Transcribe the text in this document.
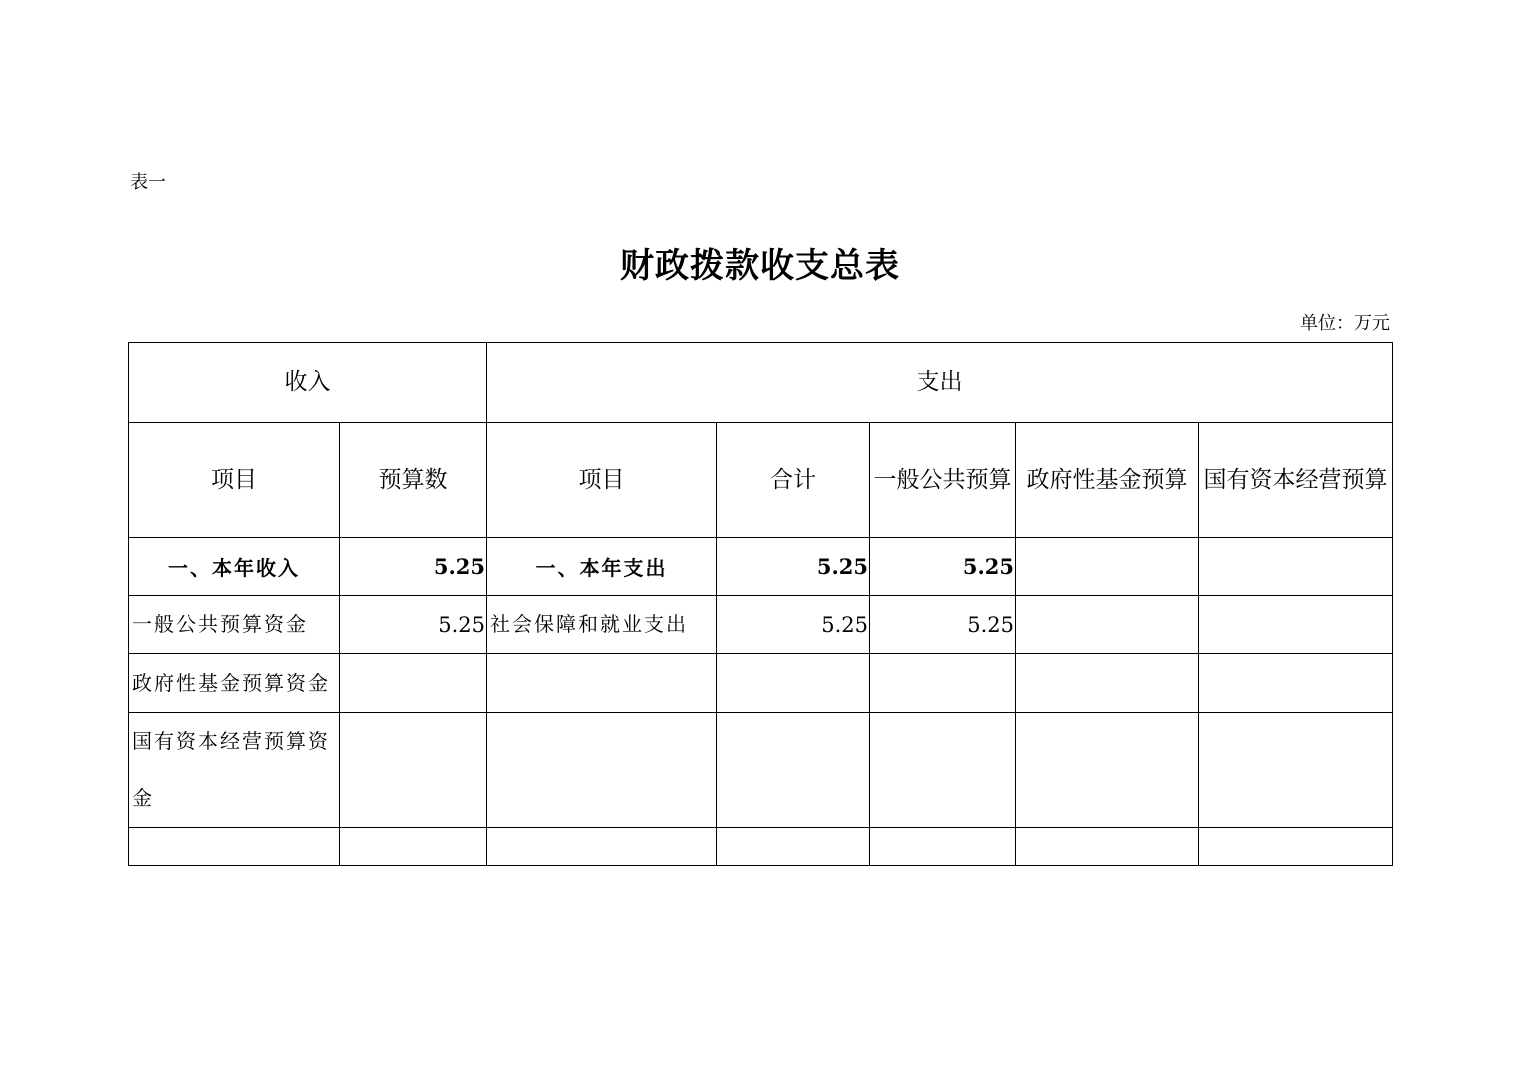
表一
财政拨款收支总表
单位：万元
收入		支出				
项目	预算数	项目	合计	一般公共预算	政府性基金预算	国有资本经营预算
一、本年收入	5.25	一、本年支出	5.25	5.25		
一般公共预算资金	5.25	社会保障和就业支出	5.25	5.25		
政府性基金预算资金						
国有资本经营预算资金						
